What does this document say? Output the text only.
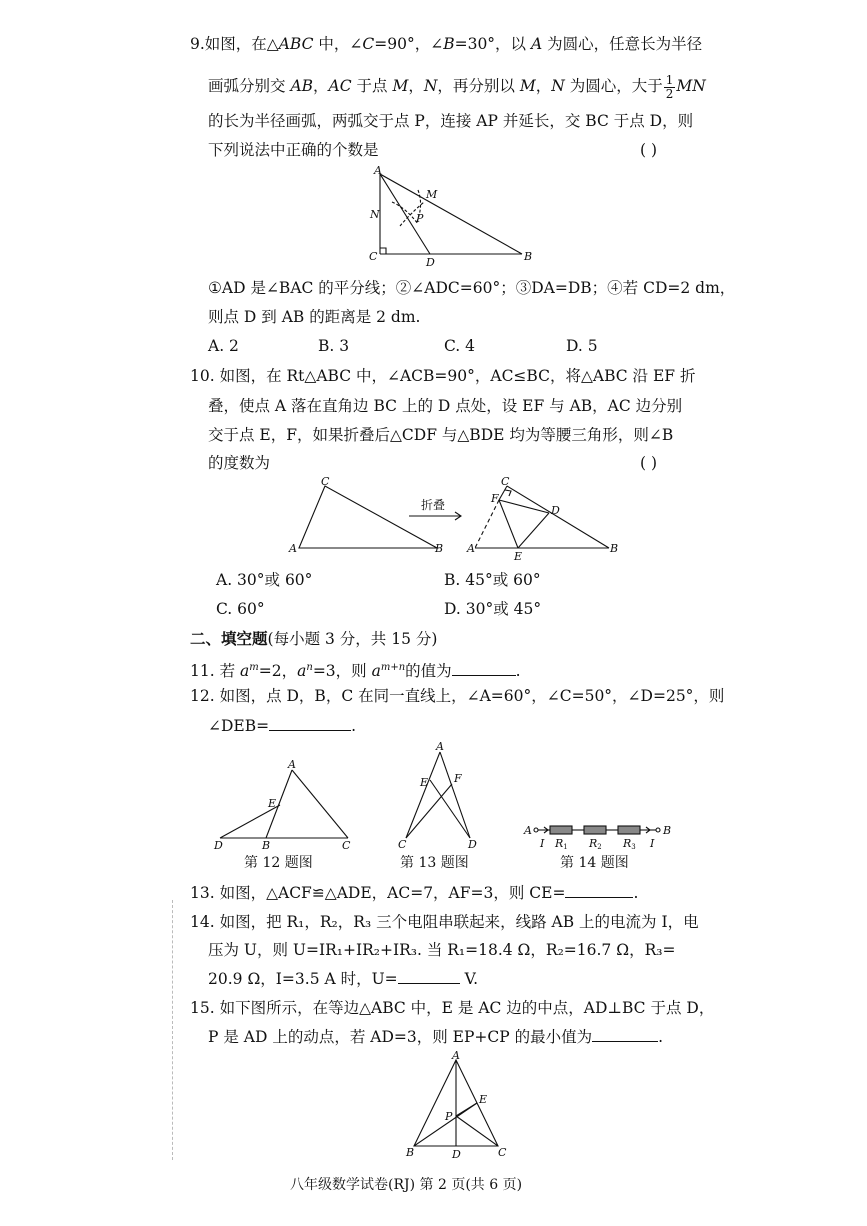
9.如图，在△ABC 中，∠C=90°，∠B=30°，以 A 为圆心，任意长为半径
画弧分别交 AB，AC 于点 M，N，再分别以 M，N 为圆心，大于 $\frac{1}{2}$ MN
的长为半径画弧，两弧交于点 P，连接 AP 并延长，交 BC 于点 D，则
下列说法中正确的个数是	( )
A
M
N	P
C	D	B
①AD 是∠BAC 的平分线；②∠ADC=60°；③DA=DB；④若 CD=2 dm，
则点 D 到 AB 的距离是 2 dm.
A. 2	B. 3	C. 4	D. 5
10. 如图，在 Rt△ABC 中，∠ACB=90°，AC≤BC，将△ABC 沿 EF 折
叠，使点 A 落在直角边 BC 上的 D 点处，设 EF 与 AB，AC 边分别
交于点 E，F，如果折叠后△CDF 与△BDE 均为等腰三角形，则∠B
的度数为	( )
C
A	B
折叠
C
F
D
A
E
B
A. 30°或 60°	B. 45°或 60°
C. 60°	D. 30°或 45°
二、填空题(每小题 3 分，共 15 分)
11. 若 $a^m=2$，$a^n=3$，则 $a^{m+n}$的值为	.
12. 如图，点 D，B，C 在同一直线上，∠A=60°，∠C=50°，∠D=25°，则
∠DEB=	.
A
E
D	B	C
A
E F
C	D
A
I R1 R2 R3 I
B
第 12 题图	第 13 题图	第 14 题图
13. 如图，△ACF≌△ADE，AC=7，AF=3，则 CE=	.
14. 如图，把 R₁，R₂，R₃ 三个电阻串联起来，线路 AB 上的电流为 I，电
压为 U，则 U=IR₁+IR₂+IR₃. 当 R₁=18.4 Ω，R₂=16.7 Ω，R₃=
20.9 Ω，I=3.5 A 时，U=	V.
15. 如下图所示，在等边△ABC 中，E 是 AC 边的中点，AD⊥BC 于点 D，
P 是 AD 上的动点，若 AD=3，则 EP+CP 的最小值为	.
A
E
P
B	D	C
八年级数学试卷(RJ) 第 2 页(共 6 页)
